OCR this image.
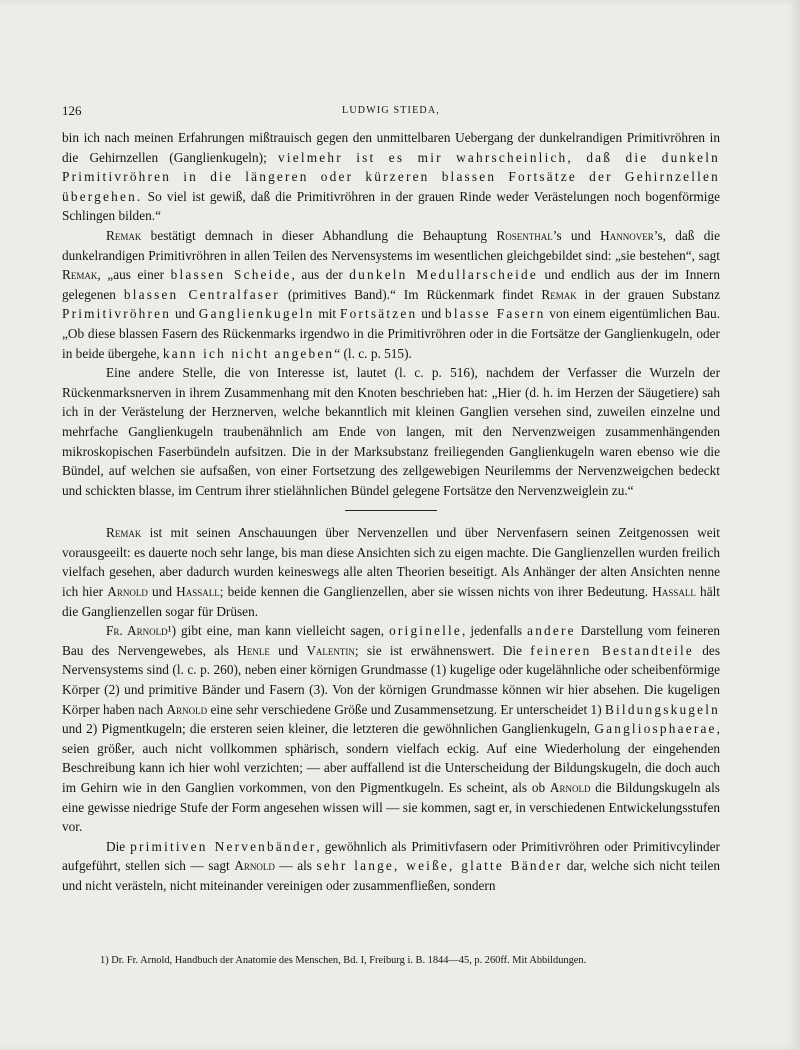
126	LUDWIG STIEDA,

bin ich nach meinen Erfahrungen mißtrauisch gegen den unmittelbaren Uebergang der dunkelrandigen Primitivröhren in die Gehirnzellen (Ganglienkugeln); vielmehr ist es mir wahrscheinlich, daß die dunkeln Primitivröhren in die längeren oder kürzeren blassen Fortsätze der Gehirnzellen übergehen. So viel ist gewiß, daß die Primitivröhren in der grauen Rinde weder Verästelungen noch bogenförmige Schlingen bilden.“

Remak bestätigt demnach in dieser Abhandlung die Behauptung Rosenthal’s und Hannover’s, daß die dunkelrandigen Primitivröhren in allen Teilen des Nervensystems im wesentlichen gleichgebildet sind: „sie bestehen“, sagt Remak, „aus einer blassen Scheide, aus der dunkeln Medullarscheide und endlich aus der im Innern gelegenen blassen Centralfaser (primitives Band).“ Im Rückenmark findet Remak in der grauen Substanz Primitivröhren und Ganglienkugeln mit Fortsätzen und blasse Fasern von einem eigentümlichen Bau. „Ob diese blassen Fasern des Rückenmarks irgendwo in die Primitivröhren oder in die Fortsätze der Ganglienkugeln, oder in beide übergehe, kann ich nicht angeben“ (l. c. p. 515).

Eine andere Stelle, die von Interesse ist, lautet (l. c. p. 516), nachdem der Verfasser die Wurzeln der Rückenmarksnerven in ihrem Zusammenhang mit den Knoten beschrieben hat: „Hier (d. h. im Herzen der Säugetiere) sah ich in der Verästelung der Herznerven, welche bekanntlich mit kleinen Ganglien versehen sind, zuweilen einzelne und mehrfache Ganglienkugeln traubenähnlich am Ende von langen, mit den Nervenzweigen zusammenhängenden mikroskopischen Faserbündeln aufsitzen. Die in der Marksubstanz freiliegenden Ganglienkugeln waren ebenso wie die Bündel, auf welchen sie aufsaßen, von einer Fortsetzung des zellgewebigen Neurilemms der Nervenzweigchen bedeckt und schickten blasse, im Centrum ihrer stielähnlichen Bündel gelegene Fortsätze den Nervenzweiglein zu.“

Remak ist mit seinen Anschauungen über Nervenzellen und über Nervenfasern seinen Zeitgenossen weit vorausgeeilt: es dauerte noch sehr lange, bis man diese Ansichten sich zu eigen machte. Die Ganglienzellen wurden freilich vielfach gesehen, aber dadurch wurden keineswegs alle alten Theorien beseitigt. Als Anhänger der alten Ansichten nenne ich hier Arnold und Hassall; beide kennen die Ganglienzellen, aber sie wissen nichts von ihrer Bedeutung. Hassall hält die Ganglienzellen sogar für Drüsen.

Fr. Arnold¹) gibt eine, man kann vielleicht sagen, originelle, jedenfalls andere Darstellung vom feineren Bau des Nervengewebes, als Henle und Valentin; sie ist erwähnenswert. Die feineren Bestandteile des Nervensystems sind (l. c. p. 260), neben einer körnigen Grundmasse (1) kugelige oder kugelähnliche oder scheibenförmige Körper (2) und primitive Bänder und Fasern (3). Von der körnigen Grundmasse können wir hier absehen. Die kugeligen Körper haben nach Arnold eine sehr verschiedene Größe und Zusammensetzung. Er unterscheidet 1) Bildungskugeln und 2) Pigmentkugeln; die ersteren seien kleiner, die letzteren die gewöhnlichen Ganglienkugeln, Gangliosphaerae, seien größer, auch nicht vollkommen sphärisch, sondern vielfach eckig. Auf eine Wiederholung der eingehenden Beschreibung kann ich hier wohl verzichten; — aber auffallend ist die Unterscheidung der Bildungskugeln, die doch auch im Gehirn wie in den Ganglien vorkommen, von den Pigmentkugeln. Es scheint, als ob Arnold die Bildungskugeln als eine gewisse niedrige Stufe der Form angesehen wissen will — sie kommen, sagt er, in verschiedenen Entwickelungsstufen vor.

Die primitiven Nervenbänder, gewöhnlich als Primitivfasern oder Primitivröhren oder Primitivcylinder aufgeführt, stellen sich — sagt Arnold — als sehr lange, weiße, glatte Bänder dar, welche sich nicht teilen und nicht verästeln, nicht miteinander vereinigen oder zusammenfließen, sondern

1) Dr. Fr. Arnold, Handbuch der Anatomie des Menschen, Bd. I, Freiburg i. B. 1844—45, p. 260ff. Mit Abbildungen.
